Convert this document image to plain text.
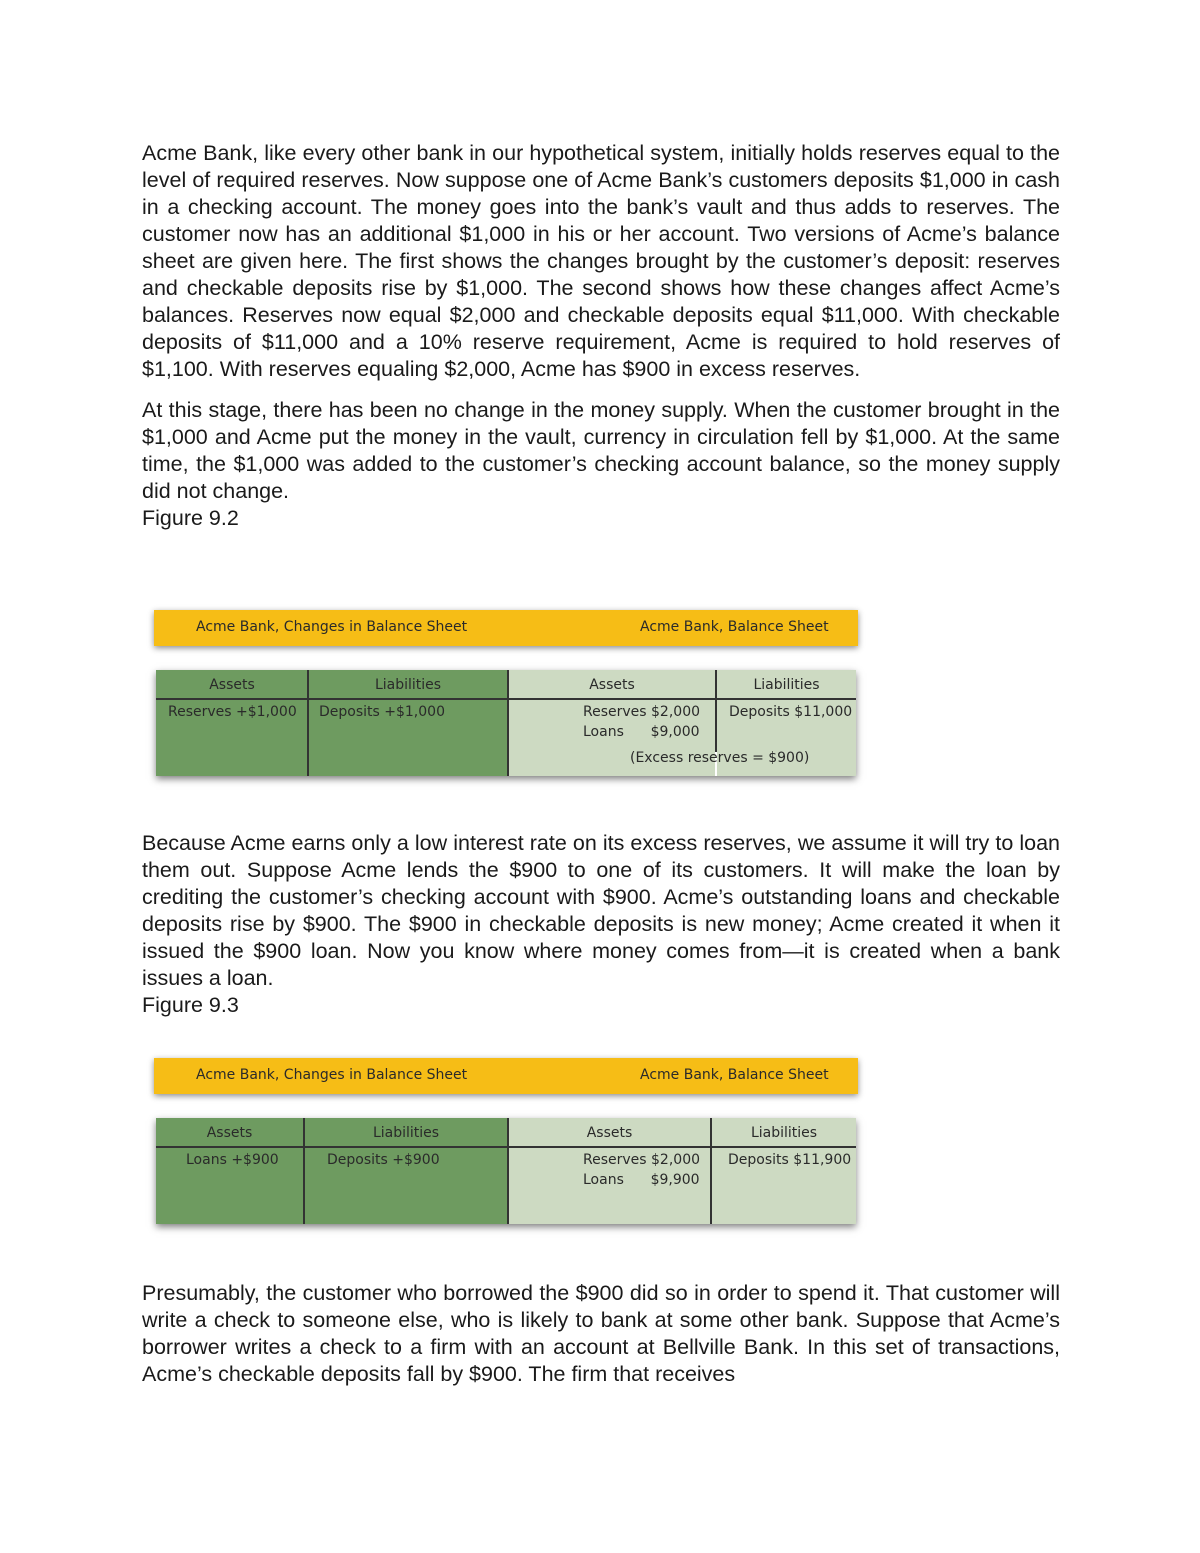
Acme Bank, like every other bank in our hypothetical system, initially holds reserves equal to the level of required reserves. Now suppose one of Acme Bank’s customers deposits $1,000 in cash in a checking account. The money goes into the bank’s vault and thus adds to reserves. The customer now has an additional $1,000 in his or her account. Two versions of Acme’s balance sheet are given here. The first shows the changes brought by the customer’s deposit: reserves and checkable deposits rise by $1,000. The second shows how these changes affect Acme’s balances. Reserves now equal $2,000 and checkable deposits equal $11,000. With checkable deposits of $11,000 and a 10% reserve requirement, Acme is required to hold reserves of $1,100. With reserves equaling $2,000, Acme has $900 in excess reserves.

At this stage, there has been no change in the money supply. When the customer brought in the $1,000 and Acme put the money in the vault, currency in circulation fell by $1,000. At the same time, the $1,000 was added to the customer’s checking account balance, so the money supply did not change.

Figure 9.2

Acme Bank, Changes in Balance Sheet	Acme Bank, Balance Sheet
Assets
Reserves +$1,000
Liabilities
Deposits +$1,000
Assets
Reserves $2,000
Loans      $9,000
Liabilities
Deposits $11,000
(Excess reserves = $900)

Because Acme earns only a low interest rate on its excess reserves, we assume it will try to loan them out. Suppose Acme lends the $900 to one of its customers. It will make the loan by crediting the customer’s checking account with $900. Acme’s outstanding loans and checkable deposits rise by $900. The $900 in checkable deposits is new money; Acme created it when it issued the $900 loan. Now you know where money comes from—it is created when a bank issues a loan.

Figure 9.3

Acme Bank, Changes in Balance Sheet	Acme Bank, Balance Sheet
Assets
Loans +$900
Liabilities
Deposits +$900
Assets
Reserves $2,000
Loans      $9,900
Liabilities
Deposits $11,900

Presumably, the customer who borrowed the $900 did so in order to spend it. That customer will write a check to someone else, who is likely to bank at some other bank. Suppose that Acme’s borrower writes a check to a firm with an account at Bellville Bank. In this set of transactions, Acme’s checkable deposits fall by $900. The firm that receives
